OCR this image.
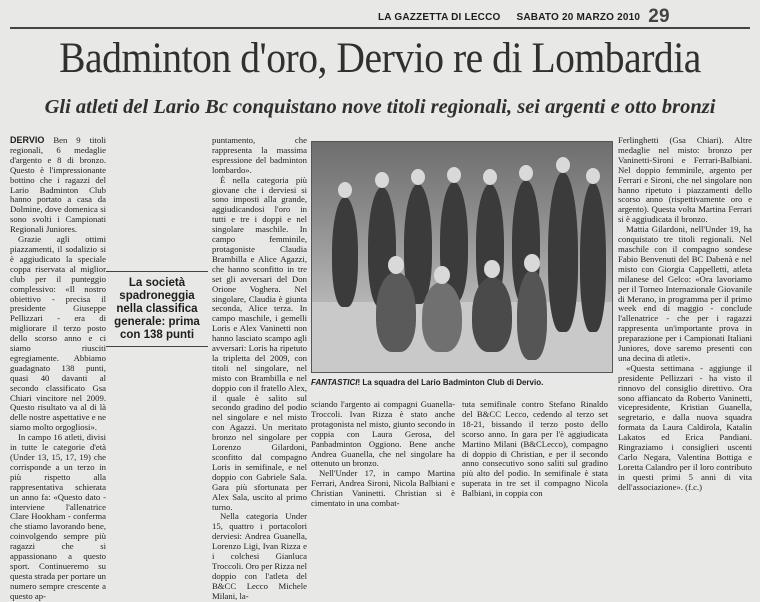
LA GAZZETTA DI LECCO SABATO 20 MARZO 2010 29
Badminton d'oro, Dervio re di Lombardia
Gli atleti del Lario Bc conquistano nove titoli regionali, sei argenti e otto bronzi

DERVIO Ben 9 titoli regionali, 6 medaglie d'argento e 8 di bronzo. Questo è l'impressionante bottino che i ragazzi del Lario Badminton Club hanno portato a casa da Dolmine, dove domenica si sono svolti i Campionati Regionali Juniores.

Grazie agli ottimi piazzamenti, il sodalizio si è aggiudicato la speciale coppa riservata al miglior club per il punteggio complessivo: «Il nostro obiettivo - precisa il presidente Giuseppe Pellizzari - era di migliorare il terzo posto dello scorso anno e ci siamo riusciti egregiamente. Abbiamo guadagnato 138 punti, quasi 40 davanti al secondo classificato Gsa Chiari vincitore nel 2009. Questo risultato va al di là delle nostre aspettative e ne siamo molto orgogliosi».

In campo 16 atleti, divisi in tutte le categorie d'età (Under 13, 15, 17, 19) che corrisponde a un terzo in più rispetto alla rappresentativa schierata un anno fa: «Questo dato - interviene l'allenatrice Clare Hookham - conferma che stiamo lavorando bene, coinvolgendo sempre più ragazzi che si appassionano a questo sport. Continueremo su questa strada per portare un numero sempre crescente a questo ap-

La società spadroneggia nella classifica generale: prima con 138 punti

puntamento, che rappresenta la massima espressione del badminton lombardo».

È nella categoria più giovane che i derviesi si sono imposti alla grande, aggiudicandosi l'oro in tutti e tre i doppi e nel singolare maschile. In campo femminile, protagoniste Claudia Brambilla e Alice Agazzi, che hanno sconfitto in tre set gli avversari del Don Orione Voghera. Nel singolare, Claudia è giunta seconda, Alice terza. In campo maschile, i gemelli Loris e Alex Vaninetti non hanno lasciato scampo agli avversari: Loris ha ripetuto la tripletta del 2009, con titoli nel singolare, nel misto con Brambilla e nel doppio con il fratello Alex, il quale è salito sul secondo gradino del podio nel singolare e nel misto con Agazzi. Un meritato bronzo nel singolare per Lorenzo Gilardoni, sconfitto dal compagno Loris in semifinale, e nel doppio con Gabriele Sala. Gara più sfortunata per Alex Sala, uscito al primo turno.

Nella categoria Under 15, quattro i portacolori derviesi: Andrea Guanella, Lorenzo Ligi, Ivan Rizza e i colchesi Gianluca Troccoli. Oro per Rizza nel doppio con l'atleta del B&CC Lecco Michele Milani, la-

FANTASTICI! La squadra del Lario Badminton Club di Dervio.

sciando l'argento ai compagni Guanella-Troccoli. Ivan Rizza è stato anche protagonista nel misto, giunto secondo in coppia con Laura Gerosa, del Panbadminton Oggiono. Bene anche Andrea Guanella, che nel singolare ha ottenuto un bronzo.

Nell'Under 17, in campo Martina Ferrari, Andrea Sironi, Nicola Balbiani e Christian Vaninetti. Christian si è cimentato in una combat-

tuta semifinale contro Stefano Rinaldo del B&CC Lecco, cedendo al terzo set 18-21, bissando il terzo posto dello scorso anno. In gara per l'è aggiudicata Martino Milani (B&CLecco), compagno di doppio di Christian, e per il secondo anno consecutivo sono saliti sul gradino più alto del podio. In semifinale è stata superata in tre set il compagno Nicola Balbiani, in coppia con

Ferlinghetti (Gsa Chiari). Altre medaglie nel misto: bronzo per Vaninetti-Sironi e Ferrari-Balbiani. Nel doppio femminile, argento per Ferrari e Sironi, che nel singolare non hanno ripetuto i piazzamenti dello scorso anno (rispettivamente oro e argento). Questa volta Martina Ferrari si è aggiudicata il bronzo.

Mattia Gilardoni, nell'Under 19, ha conquistato tre titoli regionali. Nel maschile con il compagno sondese Fabio Benvenuti del BC Dabenà e nel misto con Giorgia Cappelletti, atleta milanese del Gelco: «Ora lavoriamo per il Torneo Internazionale Giovanile di Merano, in programma per il primo week end di maggio - conclude l'allenatrice - che per i ragazzi rappresenta un'importante prova in preparazione per i Campionati Italiani Juniores, dove saremo presenti con una decina di atleti».

«Questa settimana - aggiunge il presidente Pellizzari - ha visto il rinnovo del consiglio direttivo. Ora sono affiancato da Roberto Vaninetti, vicepresidente, Kristian Guanella, segretario, e dalla nuova squadra formata da Laura Caldirola, Katalin Lakatos ed Erica Pandiani. Ringraziamo i consiglieri uscenti Carlo Negara, Valentina Bottiga e Loretta Calandro per il loro contributo in questi primi 5 anni di vita dell'associazione». (f.c.)
